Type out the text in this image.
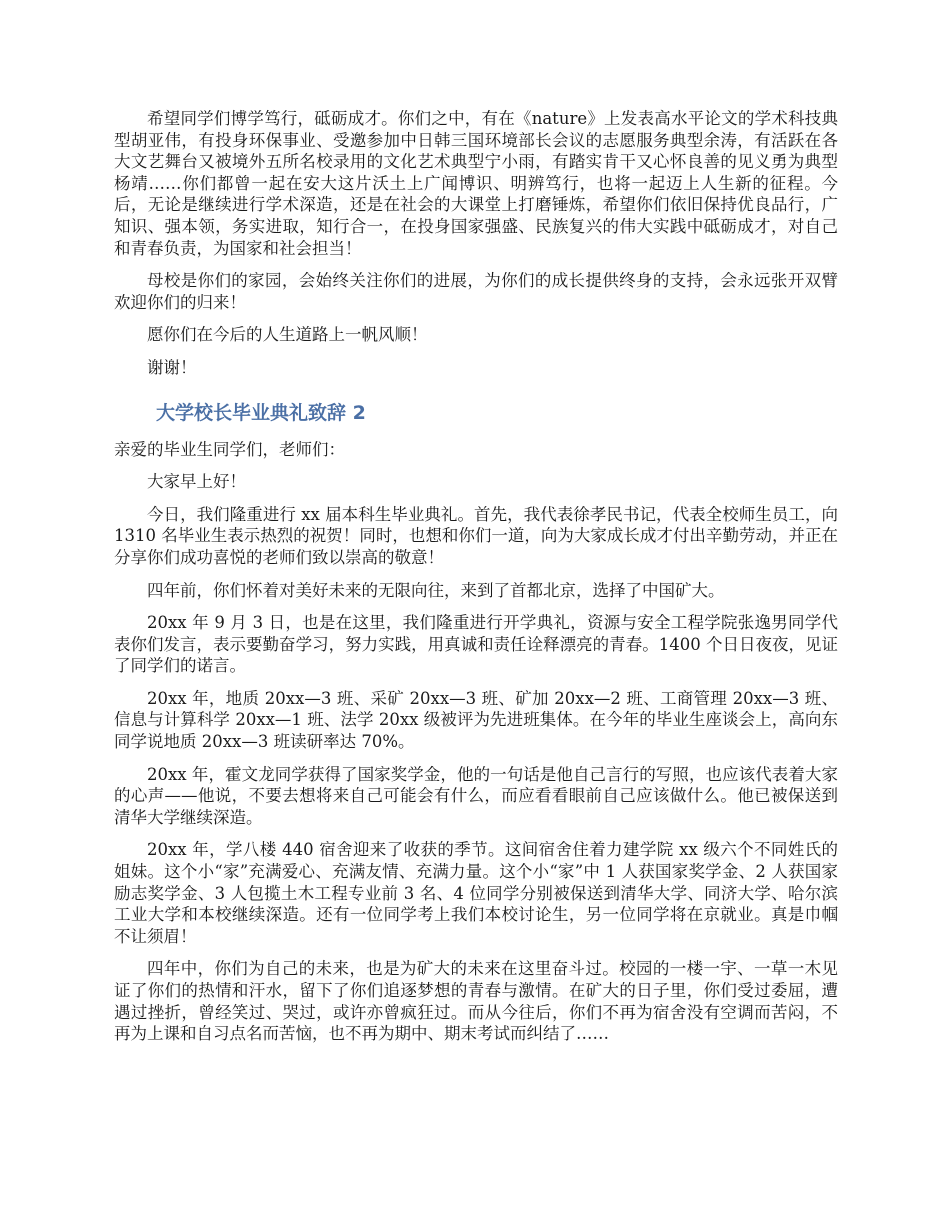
希望同学们博学笃行，砥砺成才。你们之中，有在《nature》上发表高水平论文的学术科技典型胡亚伟，有投身环保事业、受邀参加中日韩三国环境部长会议的志愿服务典型余涛，有活跃在各大文艺舞台又被境外五所名校录用的文化艺术典型宁小雨，有踏实肯干又心怀良善的见义勇为典型杨靖……你们都曾一起在安大这片沃土上广闻博识、明辨笃行，也将一起迈上人生新的征程。今后，无论是继续进行学术深造，还是在社会的大课堂上打磨锤炼，希望你们依旧保持优良品行，广知识、强本领，务实进取，知行合一，在投身国家强盛、民族复兴的伟大实践中砥砺成才，对自己和青春负责，为国家和社会担当！

母校是你们的家园，会始终关注你们的进展，为你们的成长提供终身的支持，会永远张开双臂欢迎你们的归来！

愿你们在今后的人生道路上一帆风顺！

谢谢！

大学校长毕业典礼致辞 2

亲爱的毕业生同学们，老师们：

大家早上好！

今日，我们隆重进行 xx 届本科生毕业典礼。首先，我代表徐孝民书记，代表全校师生员工，向 1310 名毕业生表示热烈的祝贺！同时，也想和你们一道，向为大家成长成才付出辛勤劳动，并正在分享你们成功喜悦的老师们致以崇高的敬意！

四年前，你们怀着对美好未来的无限向往，来到了首都北京，选择了中国矿大。

20xx 年 9 月 3 日，也是在这里，我们隆重进行开学典礼，资源与安全工程学院张逸男同学代表你们发言，表示要勤奋学习，努力实践，用真诚和责任诠释漂亮的青春。1400 个日日夜夜，见证了同学们的诺言。

20xx 年，地质 20xx—3 班、采矿 20xx—3 班、矿加 20xx—2 班、工商管理 20xx—3 班、信息与计算科学 20xx—1 班、法学 20xx 级被评为先进班集体。在今年的毕业生座谈会上，高向东同学说地质 20xx—3 班读研率达 70%。

20xx 年，霍文龙同学获得了国家奖学金，他的一句话是他自己言行的写照，也应该代表着大家的心声——他说，不要去想将来自己可能会有什么，而应看看眼前自己应该做什么。他已被保送到清华大学继续深造。

20xx 年，学八楼 440 宿舍迎来了收获的季节。这间宿舍住着力建学院 xx 级六个不同姓氏的姐妹。这个小“家”充满爱心、充满友情、充满力量。这个小“家”中 1 人获国家奖学金、2 人获国家励志奖学金、3 人包揽土木工程专业前 3 名、4 位同学分别被保送到清华大学、同济大学、哈尔滨工业大学和本校继续深造。还有一位同学考上我们本校讨论生，另一位同学将在京就业。真是巾帼不让须眉！

四年中，你们为自己的未来，也是为矿大的未来在这里奋斗过。校园的一楼一宇、一草一木见证了你们的热情和汗水，留下了你们追逐梦想的青春与激情。在矿大的日子里，你们受过委屈，遭遇过挫折，曾经笑过、哭过，或许亦曾疯狂过。而从今往后，你们不再为宿舍没有空调而苦闷，不再为上课和自习点名而苦恼，也不再为期中、期末考试而纠结了……
